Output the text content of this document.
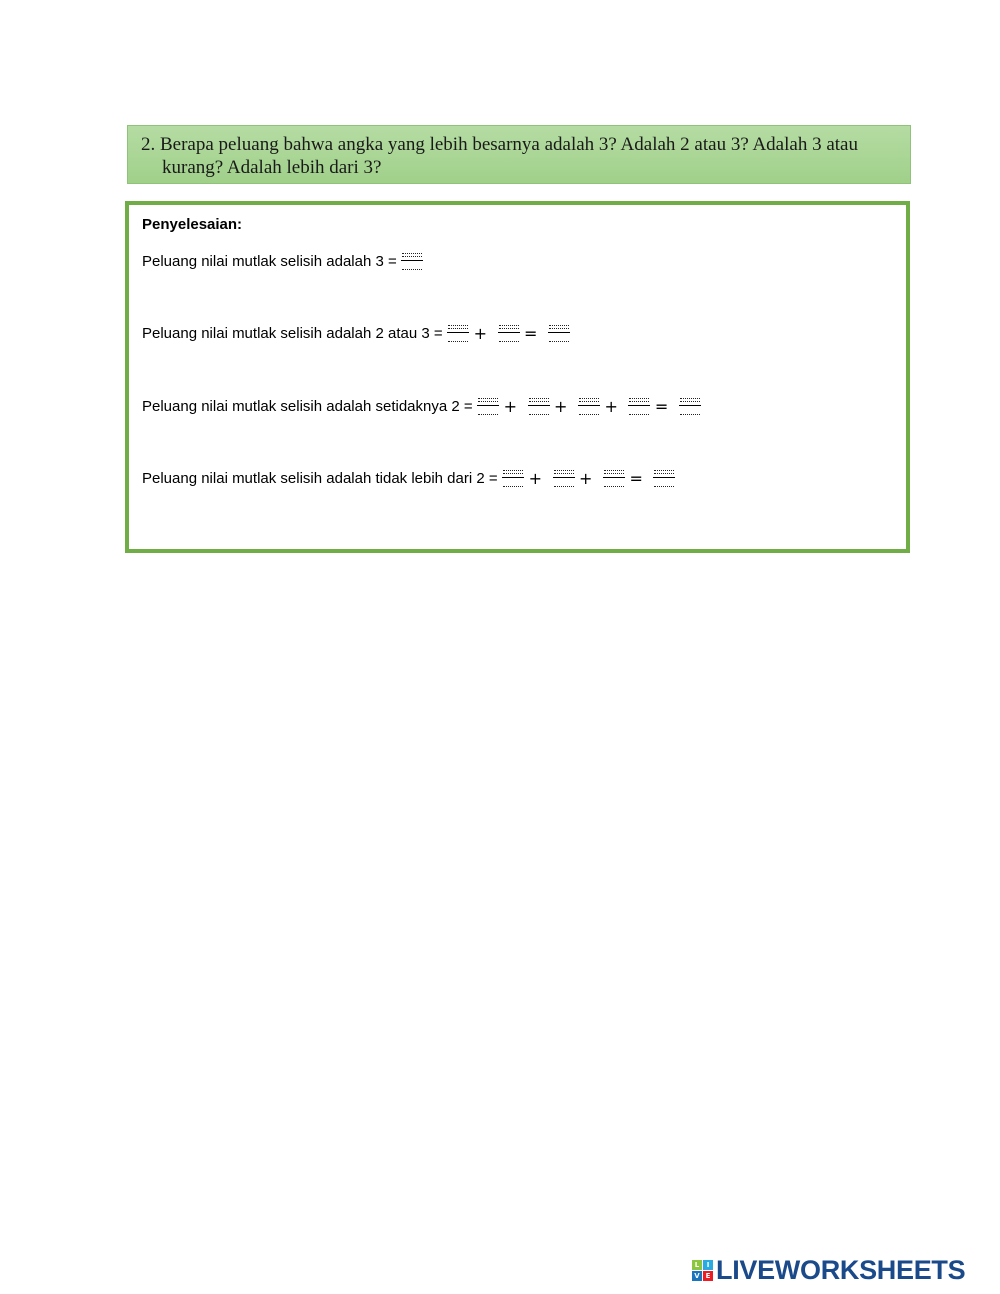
2. Berapa peluang bahwa angka yang lebih besarnya adalah 3? Adalah 2 atau 3? Adalah 3 atau
kurang? Adalah lebih dari 3?
Penyelesaian:
Peluang nilai mutlak selisih adalah 3 =
Peluang nilai mutlak selisih adalah 2 atau 3 = + =
Peluang nilai mutlak selisih adalah setidaknya 2 = + + + =
Peluang nilai mutlak selisih adalah tidak lebih dari 2 = + + =
L	I
V E LIVEWORKSHEETS
